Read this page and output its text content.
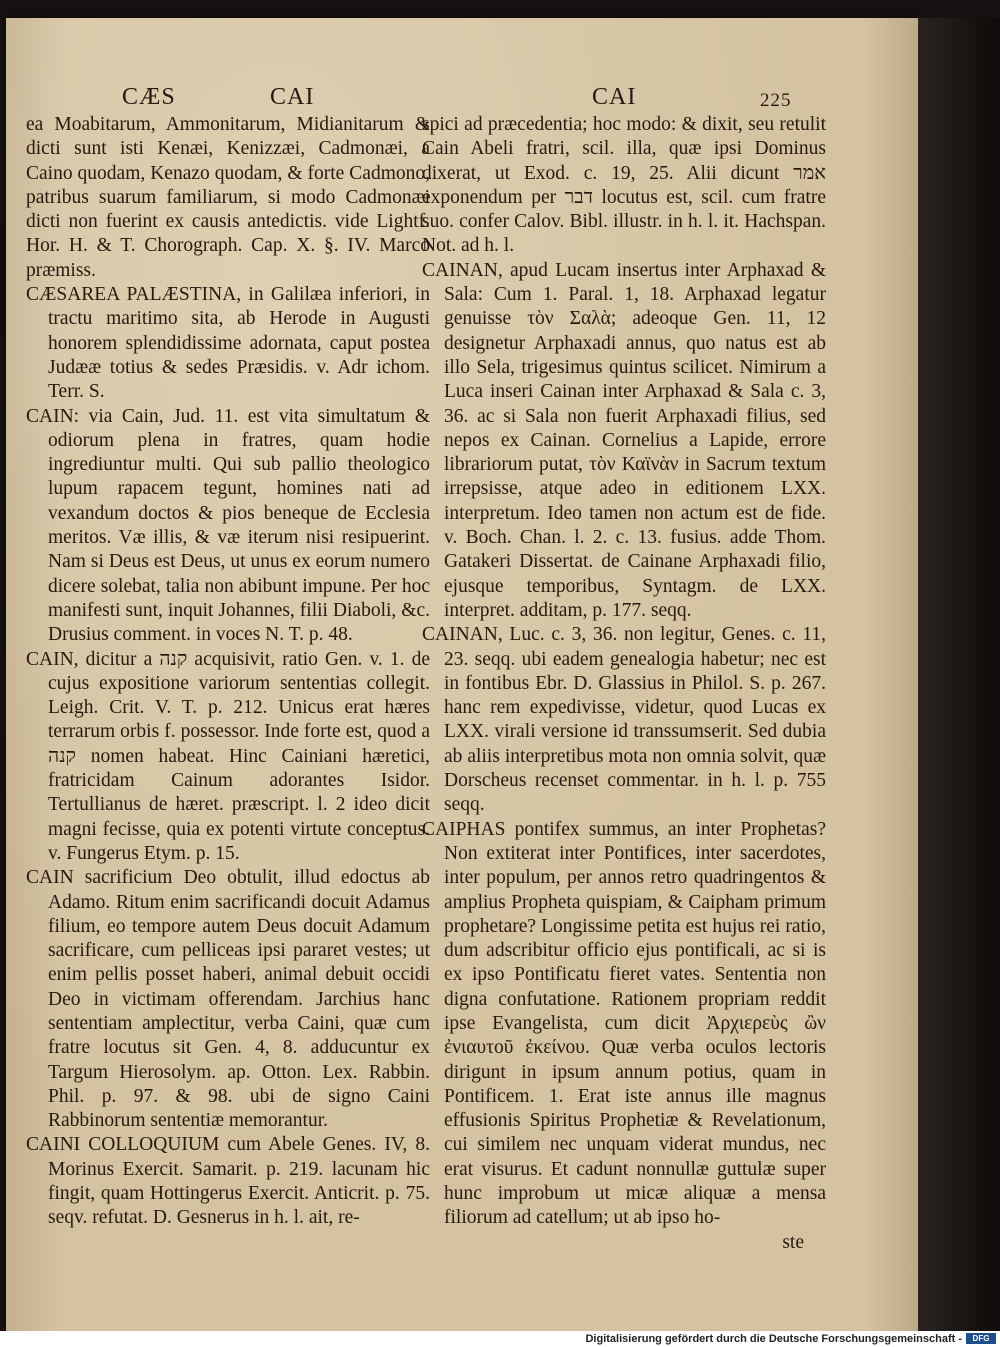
CÆS	CAI	CAI	225

ea Moabitarum, Ammonitarum, Midianitarum & dicti sunt isti Kenæi, Kenizzæi, Cadmonæi, a Caino quodam, Kenazo quodam, & forte Cadmono, patribus suarum familiarum, si modo Cadmonæi dicti non fuerint ex causis antedictis. vide Lightf. Hor. H. & T. Chorograph. Cap. X. §. IV. Marco præmiss.

CÆSAREA PALÆSTINA, in Galilæa inferiori, in tractu maritimo sita, ab Herode in Augusti honorem splendidissime adornata, caput postea Judææ totius & sedes Præsidis. v. Adr ichom. Terr. S.

CAIN: via Cain, Jud. 11. est vita simultatum & odiorum plena in fratres, quam hodie ingrediuntur multi. Qui sub pallio theologico lupum rapacem tegunt, homines nati ad vexandum doctos & pios beneque de Ecclesia meritos. Væ illis, & væ iterum nisi resipuerint. Nam si Deus est Deus, ut unus ex eorum numero dicere solebat, talia non abibunt impune. Per hoc manifesti sunt, inquit Johannes, filii Diaboli, &c. Drusius comment. in voces N. T. p. 48.

CAIN, dicitur a קנה acquisivit, ratio Gen. v. 1. de cujus expositione variorum sententias collegit. Leigh. Crit. V. T. p. 212. Unicus erat hæres terrarum orbis f. possessor. Inde forte est, quod a קנה nomen habeat. Hinc Cainiani hæretici, fratricidam Cainum adorantes Isidor. Tertullianus de hæret. præscript. l. 2 ideo dicit magni fecisse, quia ex potenti virtute conceptus. v. Fungerus Etym. p. 15.

CAIN sacrificium Deo obtulit, illud edoctus ab Adamo. Ritum enim sacrificandi docuit Adamus filium, eo tempore autem Deus docuit Adamum sacrificare, cum pelliceas ipsi pararet vestes; ut enim pellis posset haberi, animal debuit occidi Deo in victimam offerendam. Jarchius hanc sententiam amplectitur, verba Caini, quæ cum fratre locutus sit Gen. 4, 8. adducuntur ex Targum Hierosolym. ap. Otton. Lex. Rabbin. Phil. p. 97. & 98. ubi de signo Caini Rabbinorum sententiæ memorantur.

CAINI COLLOQUIUM cum Abele Genes. IV, 8. Morinus Exercit. Samarit. p. 219. lacunam hic fingit, quam Hottingerus Exercit. Anticrit. p. 75. seqv. refutat. D. Gesnerus in h. l. ait, re-

spici ad præcedentia; hoc modo: & dixit, seu retulit Cain Abeli fratri, scil. illa, quæ ipsi Dominus dixerat, ut Exod. c. 19, 25. Alii dicunt אמר exponendum per דבר locutus est, scil. cum fratre suo. confer Calov. Bibl. illustr. in h. l. it. Hachspan. Not. ad h. l.

CAINAN, apud Lucam insertus inter Arphaxad & Sala: Cum 1. Paral. 1, 18. Arphaxad legatur genuisse τὸν Σαλὰ; adeoque Gen. 11, 12 designetur Arphaxadi annus, quo natus est ab illo Sela, trigesimus quintus scilicet. Nimirum a Luca inseri Cainan inter Arphaxad & Sala c. 3, 36. ac si Sala non fuerit Arphaxadi filius, sed nepos ex Cainan. Cornelius a Lapide, errore librariorum putat, τὸν Καϊνὰν in Sacrum textum irrepsisse, atque adeo in editionem LXX. interpretum. Ideo tamen non actum est de fide. v. Boch. Chan. l. 2. c. 13. fusius. adde Thom. Gatakeri Dissertat. de Cainane Arphaxadi filio, ejusque temporibus, Syntagm. de LXX. interpret. additam, p. 177. seqq.

CAINAN, Luc. c. 3, 36. non legitur, Genes. c. 11, 23. seqq. ubi eadem genealogia habetur; nec est in fontibus Ebr. D. Glassius in Philol. S. p. 267. hanc rem expedivisse, videtur, quod Lucas ex LXX. virali versione id transsumserit. Sed dubia ab aliis interpretibus mota non omnia solvit, quæ Dorscheus recenset commentar. in h. l. p. 755 seqq.

CAIPHAS pontifex summus, an inter Prophetas? Non extiterat inter Pontifices, inter sacerdotes, inter populum, per annos retro quadringentos & amplius Propheta quispiam, & Caipham primum prophetare? Longissime petita est hujus rei ratio, dum adscribitur officio ejus pontificali, ac si is ex ipso Pontificatu fieret vates. Sententia non digna confutatione. Rationem propriam reddit ipse Evangelista, cum dicit Ἀρχιερεὺς ὢν ἐνιαυτοῦ ἐκείνου. Quæ verba oculos lectoris dirigunt in ipsum annum potius, quam in Pontificem. 1. Erat iste annus ille magnus effusionis Spiritus Prophetiæ & Revelationum, cui similem nec unquam viderat mundus, nec erat visurus. Et cadunt nonnullæ guttulæ super hunc improbum ut micæ aliquæ a mensa filiorum ad catellum; ut ab ipso ho-

ste

Digitalisierung gefördert durch die Deutsche Forschungsgemeinschaft -	DFG
